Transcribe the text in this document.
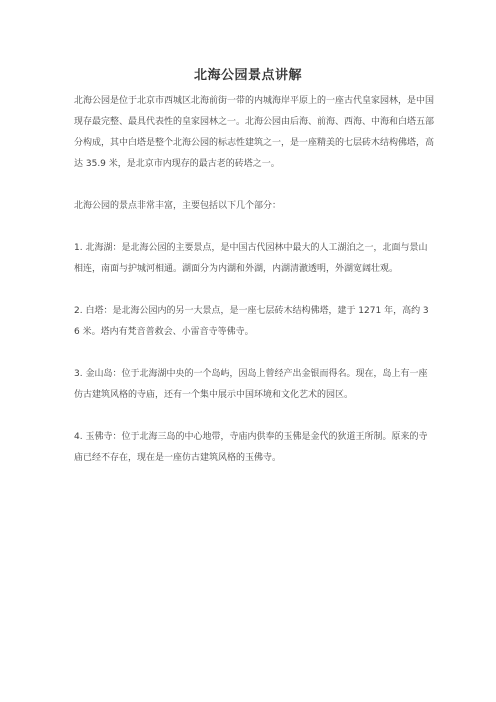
北海公园景点讲解

北海公园是位于北京市西城区北海前街一带的内城海岸平原上的一座古代皇家园林，是中国现存最完整、最具代表性的皇家园林之一。北海公园由后海、前海、西海、中海和白塔五部分构成，其中白塔是整个北海公园的标志性建筑之一，是一座精美的七层砖木结构佛塔，高达 35.9 米，是北京市内现存的最古老的砖塔之一。

北海公园的景点非常丰富，主要包括以下几个部分：

1. 北海湖：是北海公园的主要景点，是中国古代园林中最大的人工湖泊之一，北面与景山相连，南面与护城河相通。湖面分为内湖和外湖，内湖清澈透明，外湖宽阔壮观。

2. 白塔：是北海公园内的另一大景点，是一座七层砖木结构佛塔，建于 1271 年，高约 36 米。塔内有梵音普救会、小雷音寺等佛寺。

3. 金山岛：位于北海湖中央的一个岛屿，因岛上曾经产出金银而得名。现在，岛上有一座仿古建筑风格的寺庙，还有一个集中展示中国环境和文化艺术的园区。

4. 玉佛寺：位于北海三岛的中心地带，寺庙内供奉的玉佛是金代的狄道王所制。原来的寺庙已经不存在，现在是一座仿古建筑风格的玉佛寺。
